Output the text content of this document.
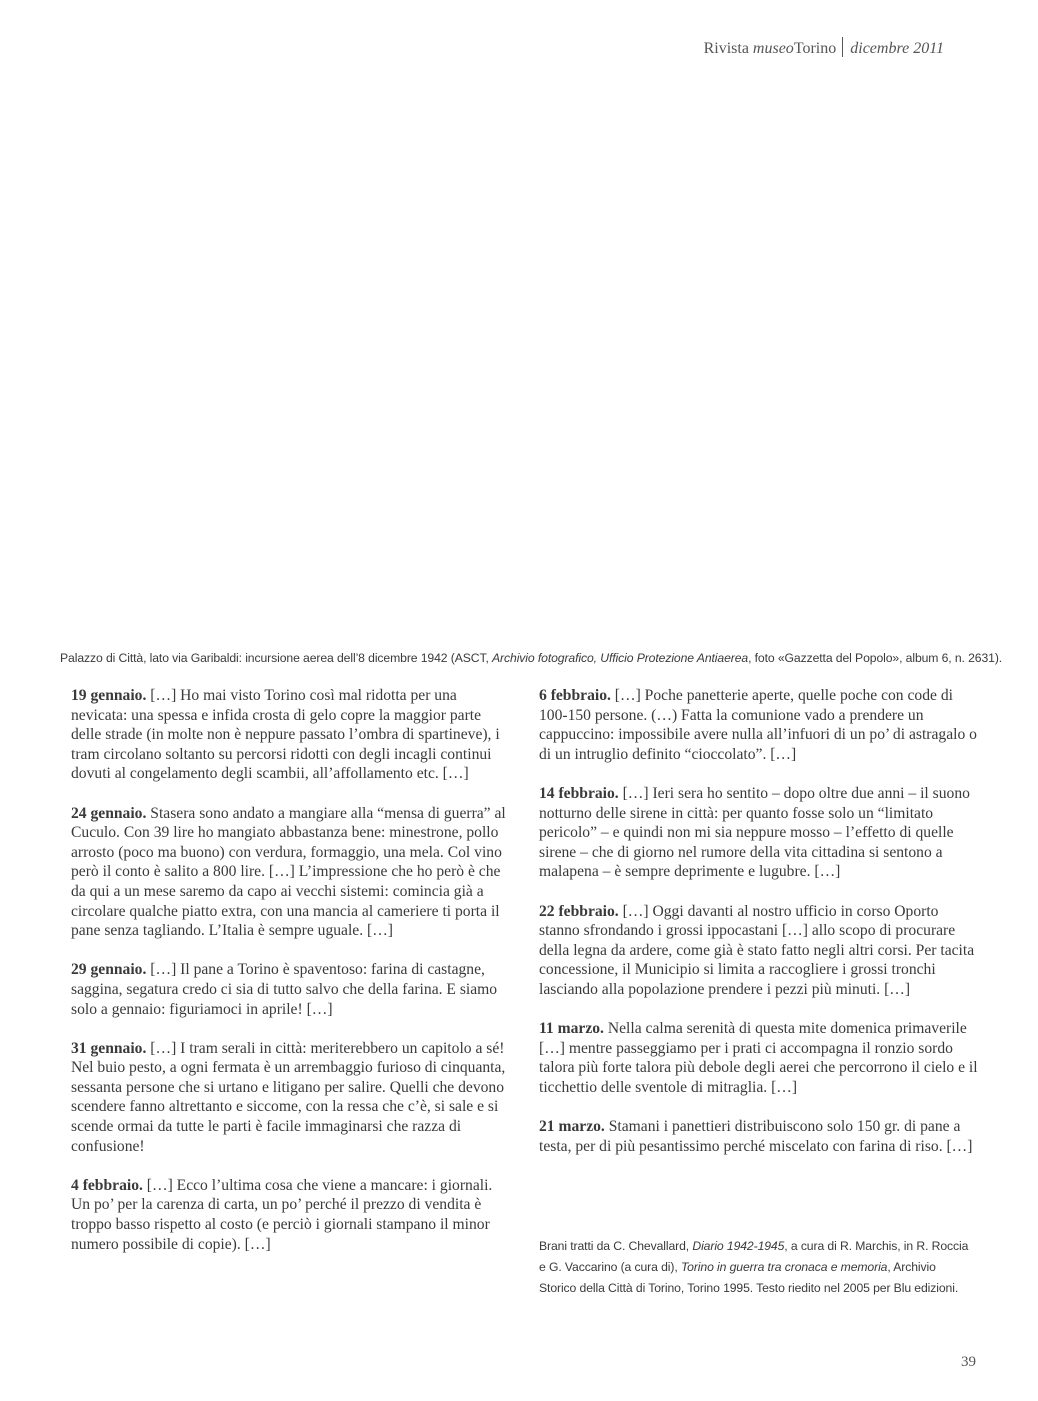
Rivista museoTorino dicembre 2011
Palazzo di Città, lato via Garibaldi: incursione aerea dell’8 dicembre 1942 (ASCT, Archivio fotografico, Ufficio Protezione Antiaerea, foto «Gazzetta del Popolo», album 6, n. 2631).

19 gennaio. […] Ho mai visto Torino così mal ridotta per una nevicata: una spessa e infida crosta di gelo copre la maggior parte delle strade (in molte non è neppure passato l’ombra di spartineve), i tram circolano soltanto su percorsi ridotti con degli incagli continui dovuti al congelamento degli scambii, all’affollamento etc. […]

24 gennaio. Stasera sono andato a mangiare alla “mensa di guerra” al Cuculo. Con 39 lire ho mangiato abbastanza bene: minestrone, pollo arrosto (poco ma buono) con verdura, formaggio, una mela. Col vino però il conto è salito a 800 lire. […] L’impressione che ho però è che da qui a un mese saremo da capo ai vecchi sistemi: comincia già a circolare qualche piatto extra, con una mancia al cameriere ti porta il pane senza tagliando. L’Italia è sempre uguale. […]

29 gennaio. […] Il pane a Torino è spaventoso: farina di castagne, saggina, segatura credo ci sia di tutto salvo che della farina. E siamo solo a gennaio: figuriamoci in aprile! […]

31 gennaio. […] I tram serali in città: meriterebbero un capitolo a sé! Nel buio pesto, a ogni fermata è un arrembaggio furioso di cinquanta, sessanta persone che si urtano e litigano per salire. Quelli che devono scendere fanno altrettanto e siccome, con la ressa che c’è, si sale e si scende ormai da tutte le parti è facile immaginarsi che razza di confusione!

4 febbraio. […] Ecco l’ultima cosa che viene a mancare: i giornali. Un po’ per la carenza di carta, un po’ perché il prezzo di vendita è troppo basso rispetto al costo (e perciò i giornali stampano il minor numero possibile di copie). […]

6 febbraio. […] Poche panetterie aperte, quelle poche con code di 100-150 persone. (…) Fatta la comunione vado a prendere un cappuccino: impossibile avere nulla all’infuori di un po’ di astragalo o di un intruglio definito “cioccolato”. […]

14 febbraio. […] Ieri sera ho sentito – dopo oltre due anni – il suono notturno delle sirene in città: per quanto fosse solo un “limitato pericolo” – e quindi non mi sia neppure mosso – l’effetto di quelle sirene – che di giorno nel rumore della vita cittadina si sentono a malapena – è sempre deprimente e lugubre. […]

22 febbraio. […] Oggi davanti al nostro ufficio in corso Oporto stanno sfrondando i grossi ippocastani […] allo scopo di procurare della legna da ardere, come già è stato fatto negli altri corsi. Per tacita concessione, il Municipio si limita a raccogliere i grossi tronchi lasciando alla popolazione prendere i pezzi più minuti. […]

11 marzo. Nella calma serenità di questa mite domenica primaverile […] mentre passeggiamo per i prati ci accompagna il ronzio sordo talora più forte talora più debole degli aerei che percorrono il cielo e il ticchettio delle sventole di mitraglia. […]

21 marzo. Stamani i panettieri distribuiscono solo 150 gr. di pane a testa, per di più pesantissimo perché miscelato con farina di riso. […]

Brani tratti da C. Chevallard, Diario 1942-1945, a cura di R. Marchis, in R. Roccia e G. Vaccarino (a cura di), Torino in guerra tra cronaca e memoria, Archivio Storico della Città di Torino, Torino 1995. Testo riedito nel 2005 per Blu edizioni.
39
